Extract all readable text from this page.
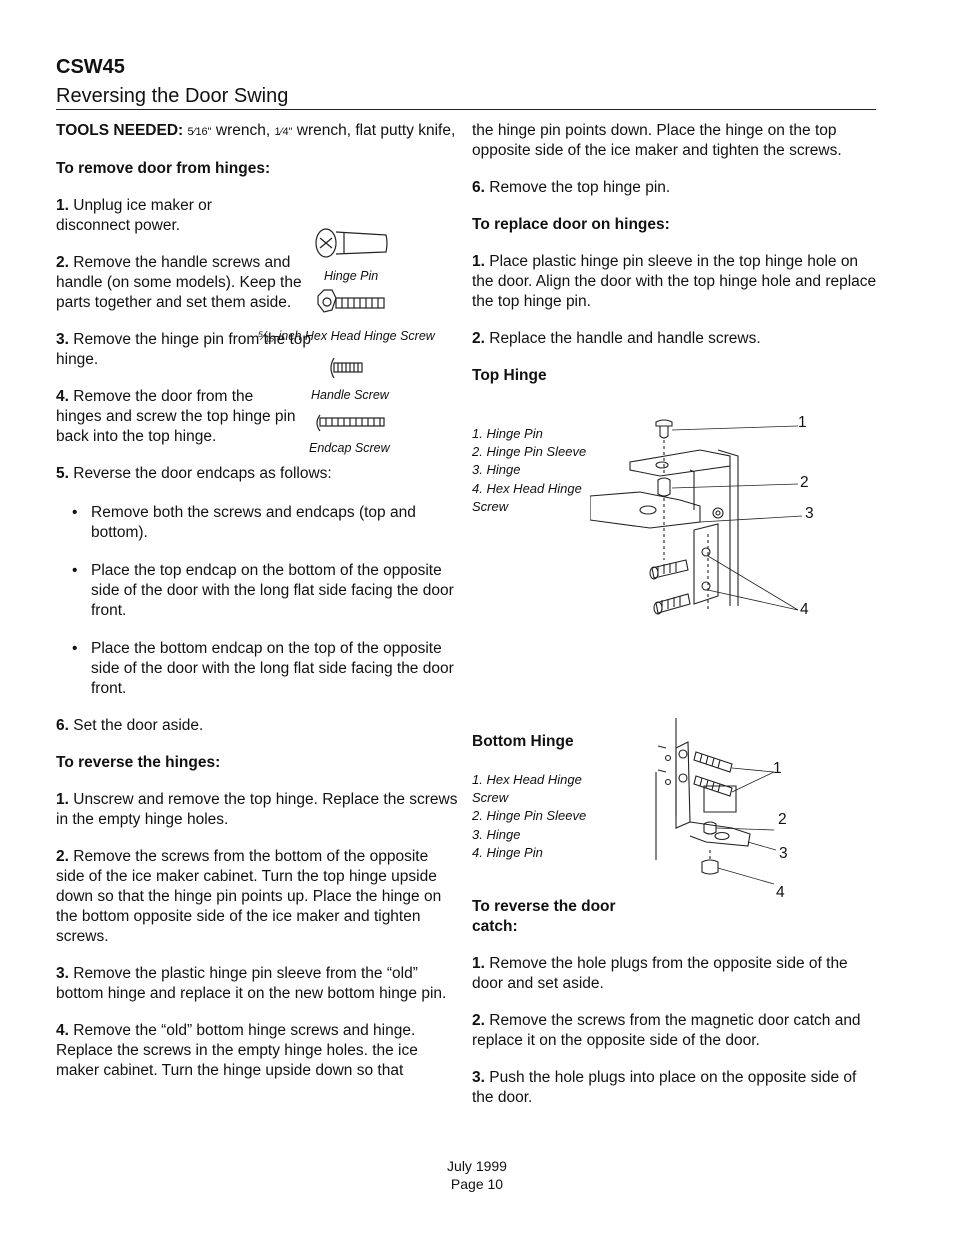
CSW45
Reversing the Door Swing

TOOLS NEEDED: 5⁄16" wrench, 1⁄4" wrench, flat putty knife,

To remove door from hinges:

1. Unplug ice maker or disconnect power.

2. Remove the handle screws and handle (on some models). Keep the parts together and set them aside.

3. Remove the hinge pin from the top hinge.

4. Remove the door from the hinges and screw the top hinge pin back into the top hinge.

5. Reverse the door endcaps as follows:

• Remove both the screws and endcaps (top and bottom).
• Place the top endcap on the bottom of the opposite side of the door with the long flat side facing the door front.
• Place the bottom endcap on the top of the opposite side of the door with the long flat side facing the door front.

6. Set the door aside.

To reverse the hinges:

1. Unscrew and remove the top hinge. Replace the screws in the empty hinge holes.

2. Remove the screws from the bottom of the opposite side of the ice maker cabinet. Turn the top hinge upside down so that the hinge pin points up. Place the hinge on the bottom opposite side of the ice maker and tighten screws.

3. Remove the plastic hinge pin sleeve from the “old” bottom hinge and replace it on the new bottom hinge pin.

4. Remove the “old” bottom hinge screws and hinge. Replace the screws in the empty hinge holes. the ice maker cabinet. Turn the hinge upside down so that

Hinge Pin
⁵⁄₁₆-inch Hex Head Hinge Screw
Handle Screw
Endcap Screw

the hinge pin points down. Place the hinge on the top opposite side of the ice maker and tighten the screws.

6. Remove the top hinge pin.

To replace door on hinges:

1. Place plastic hinge pin sleeve in the top hinge hole on the door. Align the door with the top hinge hole and replace the top hinge pin.

2. Replace the handle and handle screws.

Top Hinge

1. Hinge Pin
2. Hinge Pin Sleeve
3. Hinge
4. Hex Head Hinge
Screw
1
2
3
4
Bottom Hinge
1. Hex Head Hinge
Screw
2. Hinge Pin Sleeve
3. Hinge
4. Hinge Pin
1
2
3
4

To reverse the door
catch:

1. Remove the hole plugs from the opposite side of the door and set aside.

2. Remove the screws from the magnetic door catch and replace it on the opposite side of the door.

3. Push the hole plugs into place on the opposite side of the door.

July 1999
Page 10
